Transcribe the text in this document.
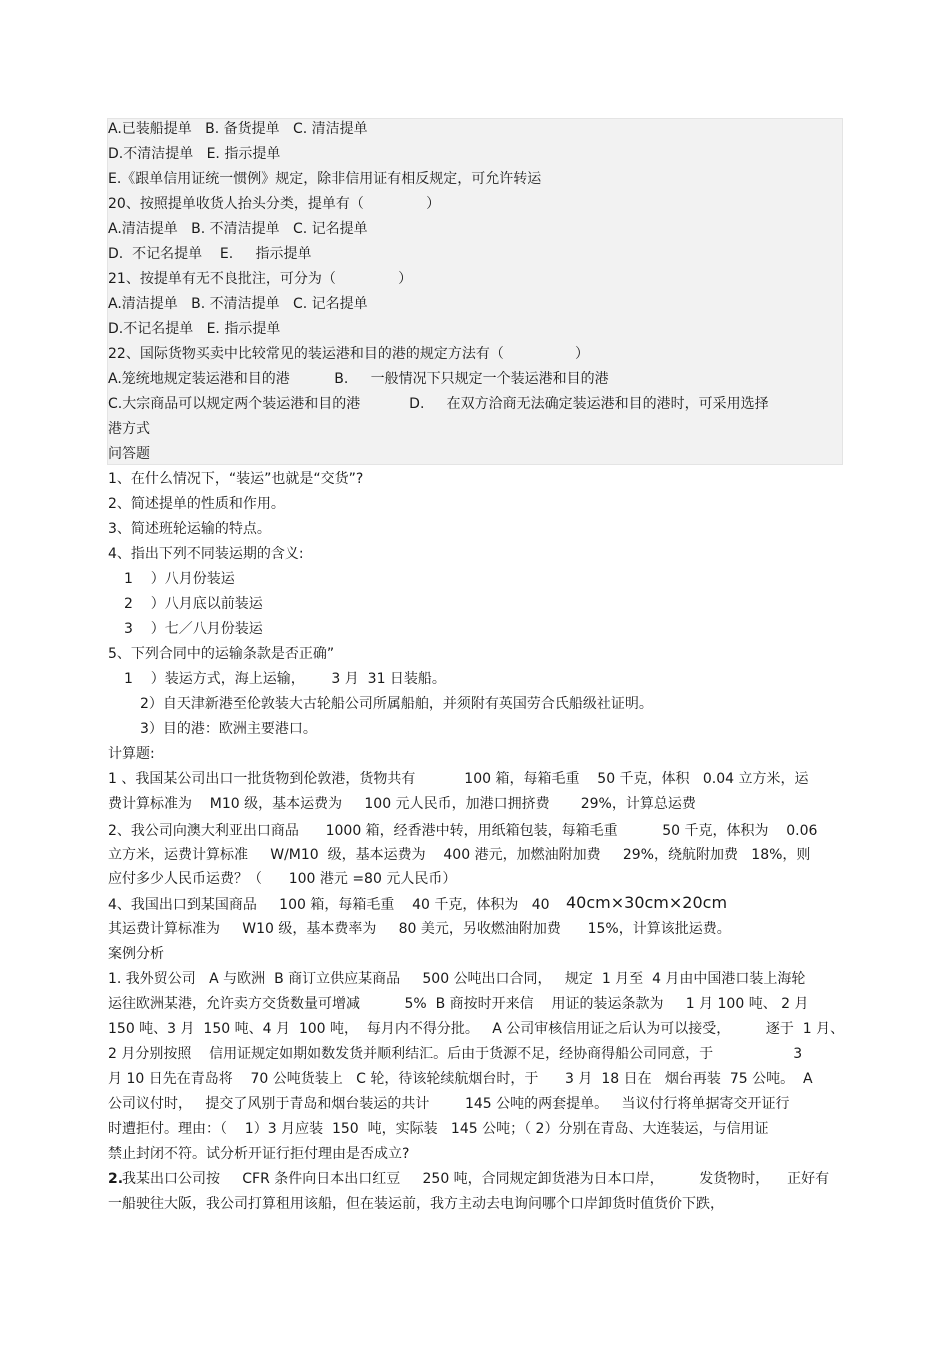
A.已装船提单   B. 备货提单   C. 清洁提单
D.不清洁提单   E. 指示提单
E.《跟单信用证统一惯例》规定，除非信用证有相反规定，可允许转运
20、按照提单收货人抬头分类，提单有（              ）
A.清洁提单   B. 不清洁提单   C. 记名提单
D.  不记名提单    E.     指示提单
21、按提单有无不良批注，可分为（              ）
A.清洁提单   B. 不清洁提单   C. 记名提单
D.不记名提单   E. 指示提单
22、国际货物买卖中比较常见的装运港和目的港的规定方法有（                ）
A.笼统地规定装运港和目的港          B.     一般情况下只规定一个装运港和目的港
C.大宗商品可以规定两个装运港和目的港           D.     在双方洽商无法确定装运港和目的港时，可采用选择
港方式
问答题
1、在什么情况下，“装运”也就是“交货”?
2、简述提单的性质和作用。
3、简述班轮运输的特点。
4、指出下列不同装运期的含义:
1    ）八月份装运
2    ）八月底以前装运
3    ）七／八月份装运
5、下列合同中的运输条款是否正确”
1    ）装运方式，海上运输，      3 月  31 日装船。
2）自天津新港至伦敦装大古轮船公司所属船舶，并须附有英国劳合氏船级社证明。
3）目的港：欧洲主要港口。
计算题:
1 、我国某公司出口一批货物到伦敦港，货物共有           100 箱，每箱毛重    50 千克，体积   0.04 立方米，运
费计算标准为    M10 级，基本运费为     100 元人民币，加港口拥挤费       29%，计算总运费
2、我公司向澳大利亚出口商品      1000 箱，经香港中转，用纸箱包装，每箱毛重          50 千克，体积为    0.06
立方米，运费计算标准     W/M10  级，基本运费为    400 港元，加燃油附加费     29%，绕航附加费   18%，则
应付多少人民币运费？（      100 港元 =80 元人民币）
4、我国出口到某国商品     100 箱，每箱毛重    40 千克，体积为   40 40cm×30cm×20cm
其运费计算标准为     W10 级，基本费率为     80 美元，另收燃油附加费      15%，计算该批运费。
案例分析
1. 我外贸公司   A 与欧洲  B 商订立供应某商品     500 公吨出口合同，   规定  1 月至  4 月由中国港口装上海轮
运往欧洲某港，允许卖方交货数量可增减          5%  B 商按时开来信    用证的装运条款为     1 月 100 吨、 2 月
150 吨、3 月  150 吨、4 月  100 吨，  每月内不得分批。   A 公司审核信用证之后认为可以接受，        逐于  1 月、
2 月分别按照    信用证规定如期如数发货并顺利结汇。后由于货源不足，经协商得船公司同意，于                  3
月 10 日先在青岛将    70 公吨货装上   C 轮，待该轮续航烟台时，于      3 月  18 日在   烟台再装  75 公吨。  A
公司议付时，   提交了风别于青岛和烟台装运的共计        145 公吨的两套提单。   当议付行将单据寄交开证行
时遭拒付。理由：（    1）3 月应装  150  吨，实际装   145 公吨；（ 2）分别在青岛、大连装运，与信用证
禁止封闭不符。试分析开证行拒付理由是否成立?
2.
我某出口公司按     CFR 条件向日本出口红豆     250 吨，合同规定卸货港为日本口岸，        发货物时，    正好有
一船驶往大阪，我公司打算租用该船，但在装运前，我方主动去电询问哪个口岸卸货时值货价下跌，
